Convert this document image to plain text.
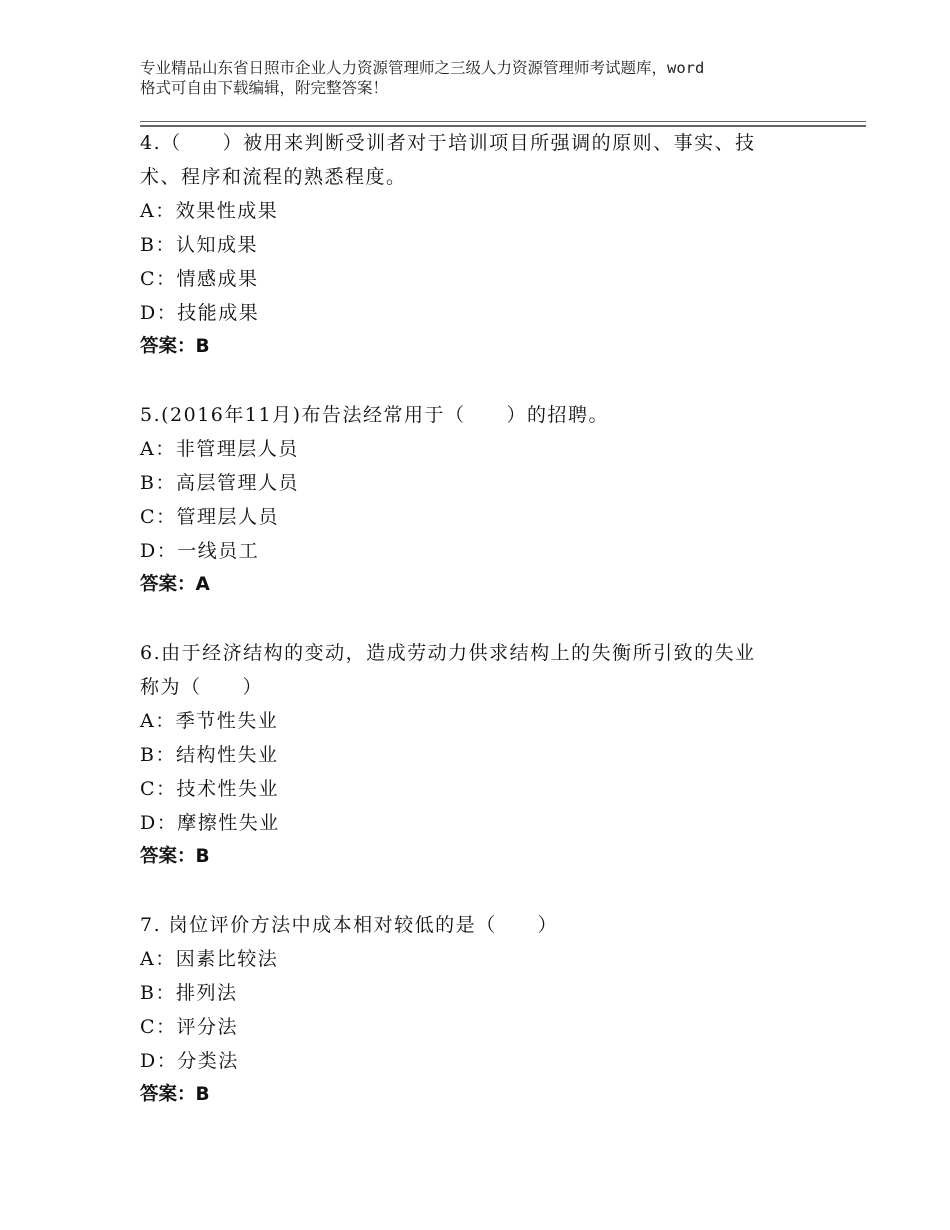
专业精品山东省日照市企业人力资源管理师之三级人力资源管理师考试题库，word

格式可自由下载编辑，附完整答案！

4.（　　）被用来判断受训者对于培训项目所强调的原则、事实、技

术、程序和流程的熟悉程度。

A：效果性成果

B：认知成果

C：情感成果

D：技能成果

答案：B

5.(2016年11月)布告法经常用于（　　）的招聘。

A：非管理层人员

B：高层管理人员

C：管理层人员

D：一线员工

答案：A

6.由于经济结构的变动，造成劳动力供求结构上的失衡所引致的失业

称为（　　）

A：季节性失业

B：结构性失业

C：技术性失业

D：摩擦性失业

答案：B

7. 岗位评价方法中成本相对较低的是（　　）

A：因素比较法

B：排列法

C：评分法

D：分类法

答案：B
